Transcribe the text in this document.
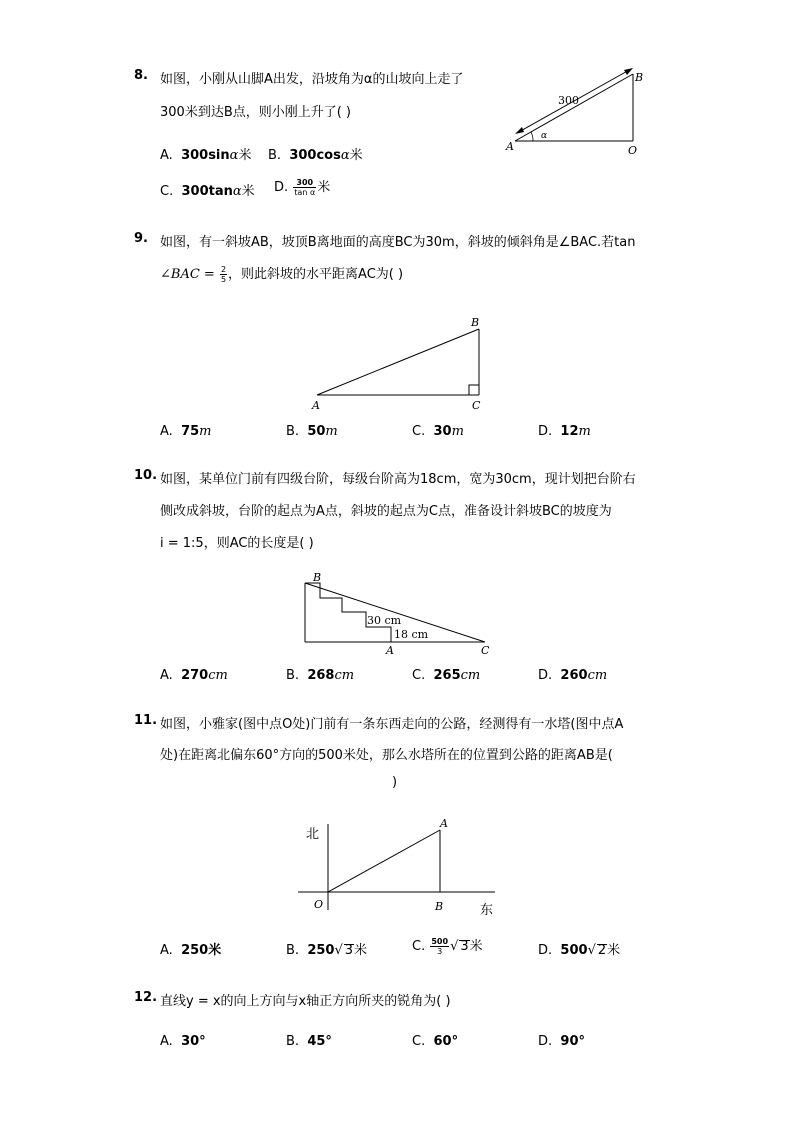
8. 如图，小刚从山脚A出发，沿坡角为α的山坡向上走了
300米到达B点，则小刚上升了( )
A. 300sinα米 B. 300cosα米
C. 300tanα米 D. $\frac{300}{\text{tan α}}$ 米
A
B
O
300
α
9. 如图，有一斜坡AB，坡顶B离地面的高度BC为30m，斜坡的倾斜角是∠BAC.若tan
∠BAC = $\frac{2}{5}$ ，则此斜坡的水平距离AC为( )
A
B
C
A. 75m	B. 50m	C. 30m	D. 12m
10. 如图，某单位门前有四级台阶，每级台阶高为18cm，宽为30cm，现计划把台阶右
侧改成斜坡，台阶的起点为A点，斜坡的起点为C点，准备设计斜坡BC的坡度为
i = 1:5，则AC的长度是( )
B
A	C
30 cm
18 cm
A. 270cm	B. 268cm	C. 265cm	D. 260cm
11. 如图，小雅家(图中点O处)门前有一条东西走向的公路，经测得有一水塔(图中点A
处)在距离北偏东60°方向的500米处，那么水塔所在的位置到公路的距离AB是(
)
北
东
O
A
B
A. 250米	B. 250√ 3米	C. $\frac{500}{3}$ √ 3米	D. 500√ 2米
12. 直线y = x的向上方向与x轴正方向所夹的锐角为( )
A. 30°	B. 45°	C. 60°	D. 90°
